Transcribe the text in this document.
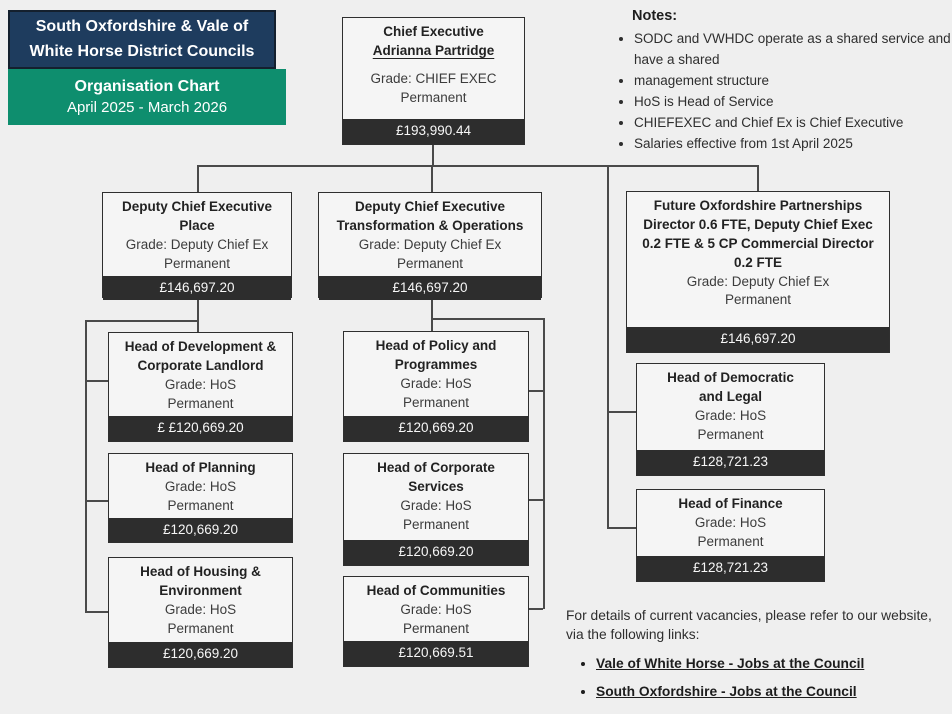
South Oxfordshire & Vale of White Horse District Councils
Organisation Chart
April 2025 - March 2026
Notes:
• SODC and VWHDC operate as a shared service and have a shared
• management structure
• HoS is Head of Service
• CHIEFEXEC and Chief Ex is Chief Executive
• Salaries effective from 1st April 2025
Chief Executive
Adrianna Partridge
Grade: CHIEF EXEC
Permanent
£193,990.44
Deputy Chief Executive Place
Grade: Deputy Chief Ex
Permanent
£146,697.20
Deputy Chief Executive Transformation & Operations
Grade: Deputy Chief Ex
Permanent
£146,697.20
Future Oxfordshire Partnerships Director 0.6 FTE, Deputy Chief Exec 0.2 FTE & 5 CP Commercial Director 0.2 FTE
Grade: Deputy Chief Ex
Permanent
£146,697.20
Head of Development & Corporate Landlord
Grade: HoS
Permanent
£ £120,669.20
Head of Planning
Grade: HoS
Permanent
£120,669.20
Head of Housing & Environment
Grade: HoS
Permanent
£120,669.20
Head of Policy and Programmes
Grade: HoS
Permanent
£120,669.20
Head of Corporate Services
Grade: HoS
Permanent
£120,669.20
Head of Communities
Grade: HoS
Permanent
£120,669.51
Head of Democratic and Legal
Grade: HoS
Permanent
£128,721.23
Head of Finance
Grade: HoS
Permanent
£128,721.23
For details of current vacancies, please refer to our website, via the following links:
• Vale of White Horse - Jobs at the Council
• South Oxfordshire - Jobs at the Council
